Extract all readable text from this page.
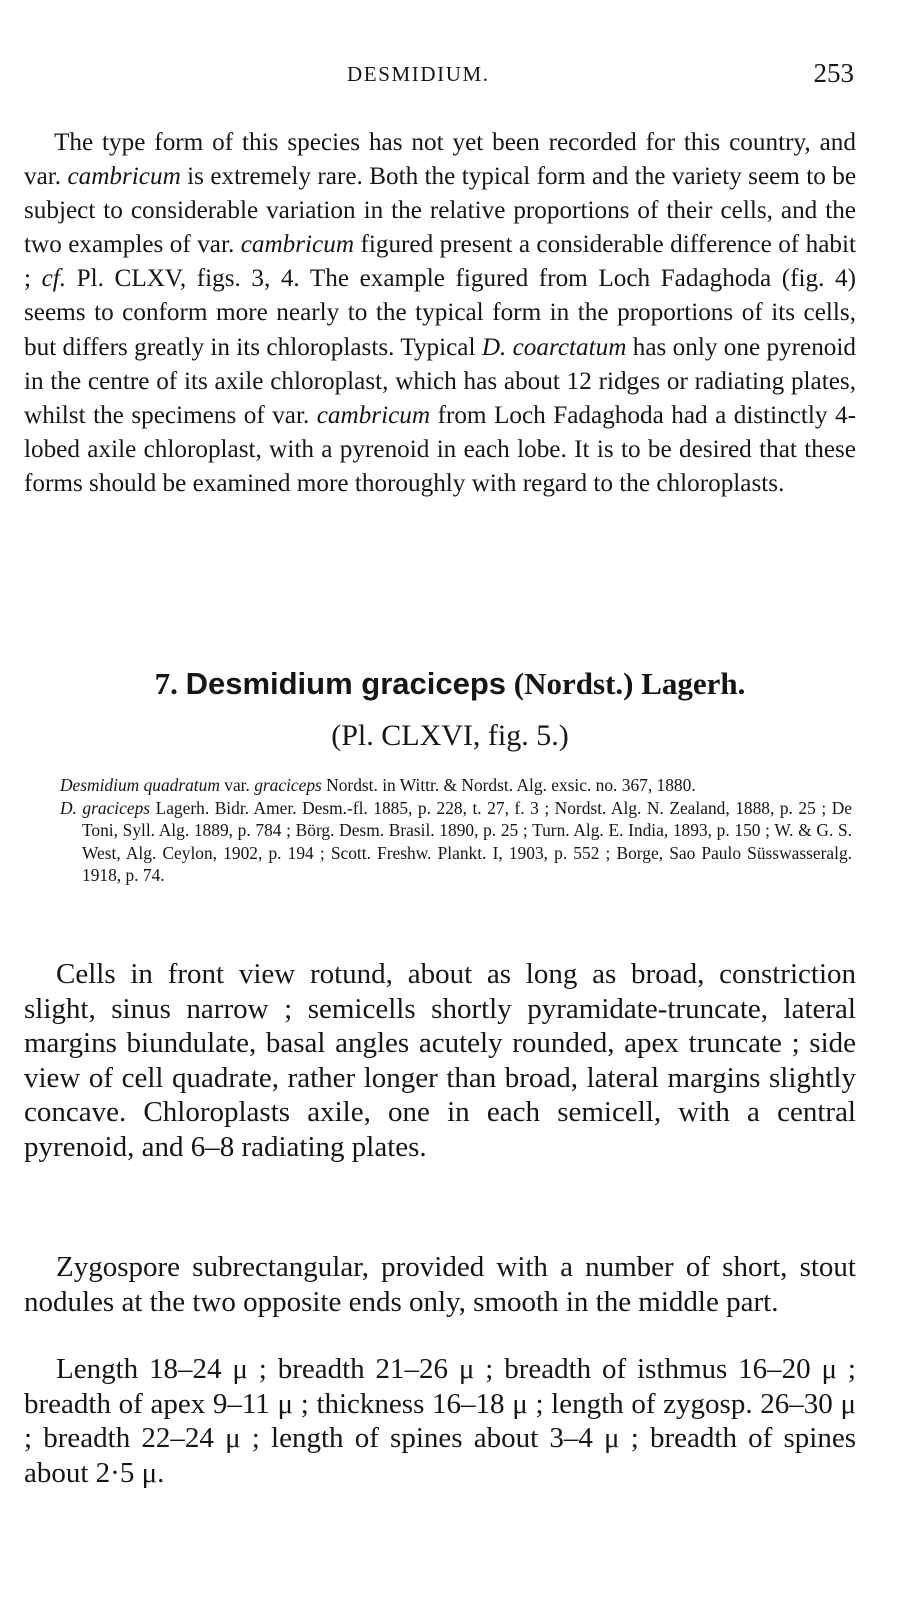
DESMIDIUM.	253

The type form of this species has not yet been recorded for this country, and var. cambricum is extremely rare. Both the typical form and the variety seem to be subject to considerable variation in the relative proportions of their cells, and the two examples of var. cambricum figured present a considerable difference of habit ; cf. Pl. CLXV, figs. 3, 4. The example figured from Loch Fadaghoda (fig. 4) seems to conform more nearly to the typical form in the proportions of its cells, but differs greatly in its chloroplasts. Typical D. coarctatum has only one pyrenoid in the centre of its axile chloroplast, which has about 12 ridges or radiating plates, whilst the specimens of var. cambricum from Loch Fadaghoda had a distinctly 4-lobed axile chloroplast, with a pyrenoid in each lobe. It is to be desired that these forms should be examined more thoroughly with regard to the chloroplasts.

7. Desmidium graciceps (Nordst.) Lagerh.

(Pl. CLXVI, fig. 5.)

Desmidium quadratum var. graciceps Nordst. in Wittr. & Nordst. Alg. exsic. no. 367, 1880.
D. graciceps Lagerh. Bidr. Amer. Desm.-fl. 1885, p. 228, t. 27, f. 3 ; Nordst. Alg. N. Zealand, 1888, p. 25 ; De Toni, Syll. Alg. 1889, p. 784 ; Börg. Desm. Brasil. 1890, p. 25 ; Turn. Alg. E. India, 1893, p. 150 ; W. & G. S. West, Alg. Ceylon, 1902, p. 194 ; Scott. Freshw. Plankt. I, 1903, p. 552 ; Borge, Sao Paulo Süsswasseralg. 1918, p. 74.

Cells in front view rotund, about as long as broad, constriction slight, sinus narrow ; semicells shortly pyramidate-truncate, lateral margins biundulate, basal angles acutely rounded, apex truncate ; side view of cell quadrate, rather longer than broad, lateral margins slightly concave. Chloroplasts axile, one in each semicell, with a central pyrenoid, and 6–8 radiating plates.

Zygospore subrectangular, provided with a number of short, stout nodules at the two opposite ends only, smooth in the middle part.

Length 18–24 μ ; breadth 21–26 μ ; breadth of isthmus 16–20 μ ; breadth of apex 9–11 μ ; thickness 16–18 μ ; length of zygosp. 26–30 μ ; breadth 22–24 μ ; length of spines about 3–4 μ ; breadth of spines about 2·5 μ.
